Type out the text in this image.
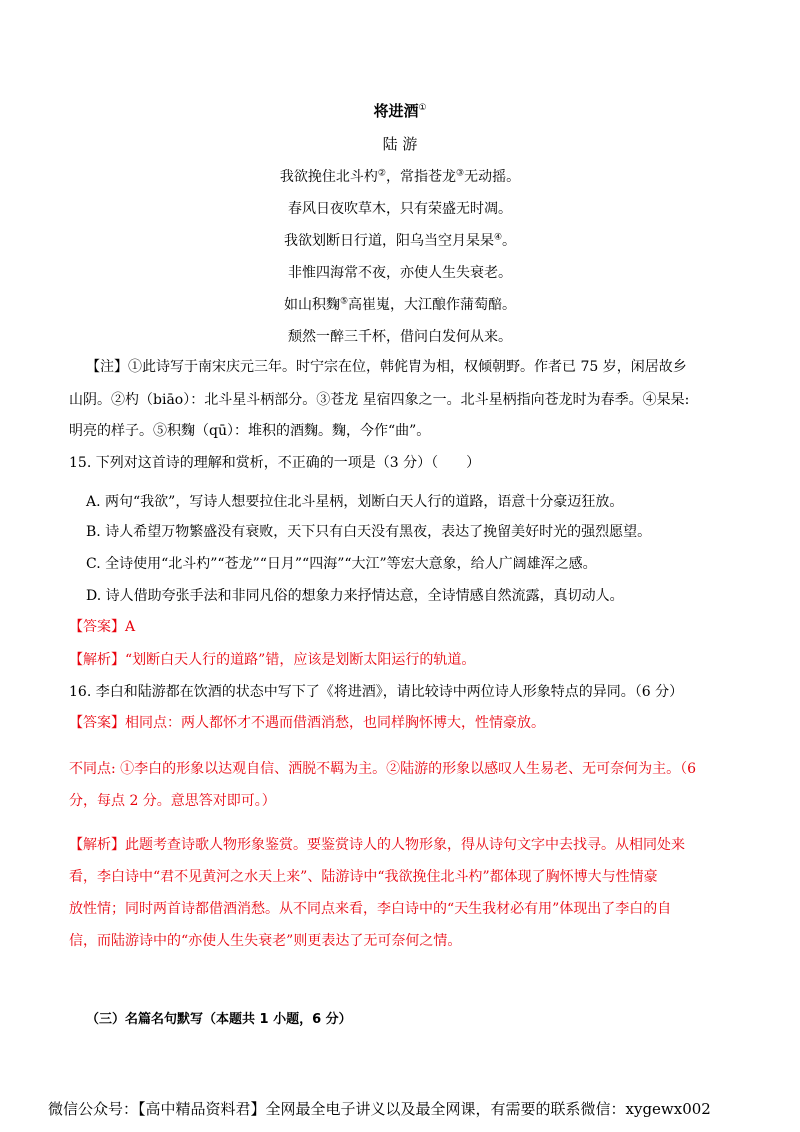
将进酒①
陆 游
我欲挽住北斗杓②，常指苍龙③无动摇。
春风日夜吹草木，只有荣盛无时凋。
我欲划断日行道，阳乌当空月杲杲④。
非惟四海常不夜，亦使人生失衰老。
如山积麴⑤高崔嵬，大江酿作蒲萄醅。
颓然一醉三千杯，借问白发何从来。
【注】①此诗写于南宋庆元三年。时宁宗在位，韩侂胄为相，权倾朝野。作者已 75 岁，闲居故乡
山阴。②杓（biāo）：北斗星斗柄部分。③苍龙 星宿四象之一。北斗星柄指向苍龙时为春季。④杲杲:
明亮的样子。⑤积麴（qū）：堆积的酒麴。麴，今作“曲”。
15. 下列对这首诗的理解和赏析，不正确的一项是（3 分）（　　）
A. 两句“我欲”，写诗人想要拉住北斗星柄，划断白天人行的道路，语意十分豪迈狂放。
B. 诗人希望万物繁盛没有衰败，天下只有白天没有黑夜，表达了挽留美好时光的强烈愿望。
C. 全诗使用“北斗杓”“苍龙”“日月”“四海”“大江”等宏大意象，给人广阔雄浑之感。
D. 诗人借助夸张手法和非同凡俗的想象力来抒情达意，全诗情感自然流露，真切动人。
【答案】A
【解析】“划断白天人行的道路”错，应该是划断太阳运行的轨道。
16. 李白和陆游都在饮酒的状态中写下了《将进酒》，请比较诗中两位诗人形象特点的异同。（6 分）
【答案】相同点：两人都怀才不遇而借酒消愁，也同样胸怀博大，性情豪放。
不同点: ①李白的形象以达观自信、洒脱不羁为主。②陆游的形象以感叹人生易老、无可奈何为主。（6
分，每点 2 分。意思答对即可。）
【解析】此题考查诗歌人物形象鉴赏。要鉴赏诗人的人物形象，得从诗句文字中去找寻。从相同处来
看，李白诗中“君不见黄河之水天上来”、陆游诗中“我欲挽住北斗杓”都体现了胸怀博大与性情豪
放性情；同时两首诗都借酒消愁。从不同点来看，李白诗中的“天生我材必有用”体现出了李白的自
信，而陆游诗中的“亦使人生失衰老”则更表达了无可奈何之情。
（三）名篇名句默写（本题共 1 小题，6 分）
微信公众号：【高中精品资料君】全网最全电子讲义以及最全网课，有需要的联系微信：xygewx002
